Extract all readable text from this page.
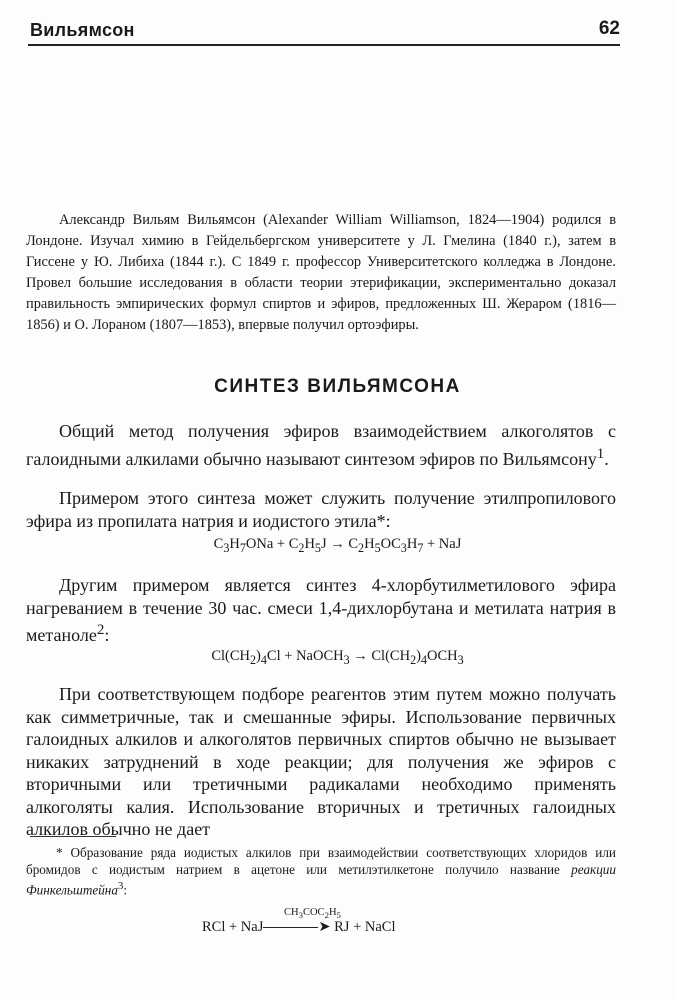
Вильямсон	62

Александр Вильям Вильямсон (Alexander William Williamson, 1824—1904) родился в Лондоне. Изучал химию в Гейдельбергском университете у Л. Гмелина (1840 г.), затем в Гиссене у Ю. Либиха (1844 г.). С 1849 г. профессор Университетского колледжа в Лондоне. Провел большие исследования в области теории этерификации, экспериментально доказал правильность эмпирических формул спиртов и эфиров, предложенных Ш. Жераром (1816—1856) и О. Лораном (1807—1853), впервые получил ортоэфиры.

СИНТЕЗ ВИЛЬЯМСОНА

Общий метод получения эфиров взаимодействием алкоголятов с галоидными алкилами обычно называют синтезом эфиров по Вильямсону$^1$.

Примером этого синтеза может служить получение этилпропилового эфира из пропилата натрия и иодистого этила*:

$C_3H_7ONa + C_2H_5J \to C_2H_5OC_3H_7$ + NaJ

Другим примером является синтез 4-хлорбутилметилового эфира нагреванием в течение 30 час. смеси 1,4-дихлорбутана и метилата натрия в метаноле$^2$:

$Cl(CH_2)_4Cl$ + NaOCH$_3$ → $Cl(CH_2)_4OCH_3$

При соответствующем подборе реагентов этим путем можно получать как симметричные, так и смешанные эфиры. Использование первичных галоидных алкилов и алкоголятов первичных спиртов обычно не вызывает никаких затруднений в ходе реакции; для получения же эфиров с вторичными или третичными радикалами необходимо применять алкоголяты калия. Использование вторичных и третичных галоидных алкилов обычно не дает

* Образование ряда иодистых алкилов при взаимодействии соответствующих хлоридов или бромидов с иодистым натрием в ацетоне или метилэтилкетоне получило название реакции Финкельштейна$^3$:

$CH_3COC_2H_5$
RCl + NaJ	➤ RJ + NaCl
